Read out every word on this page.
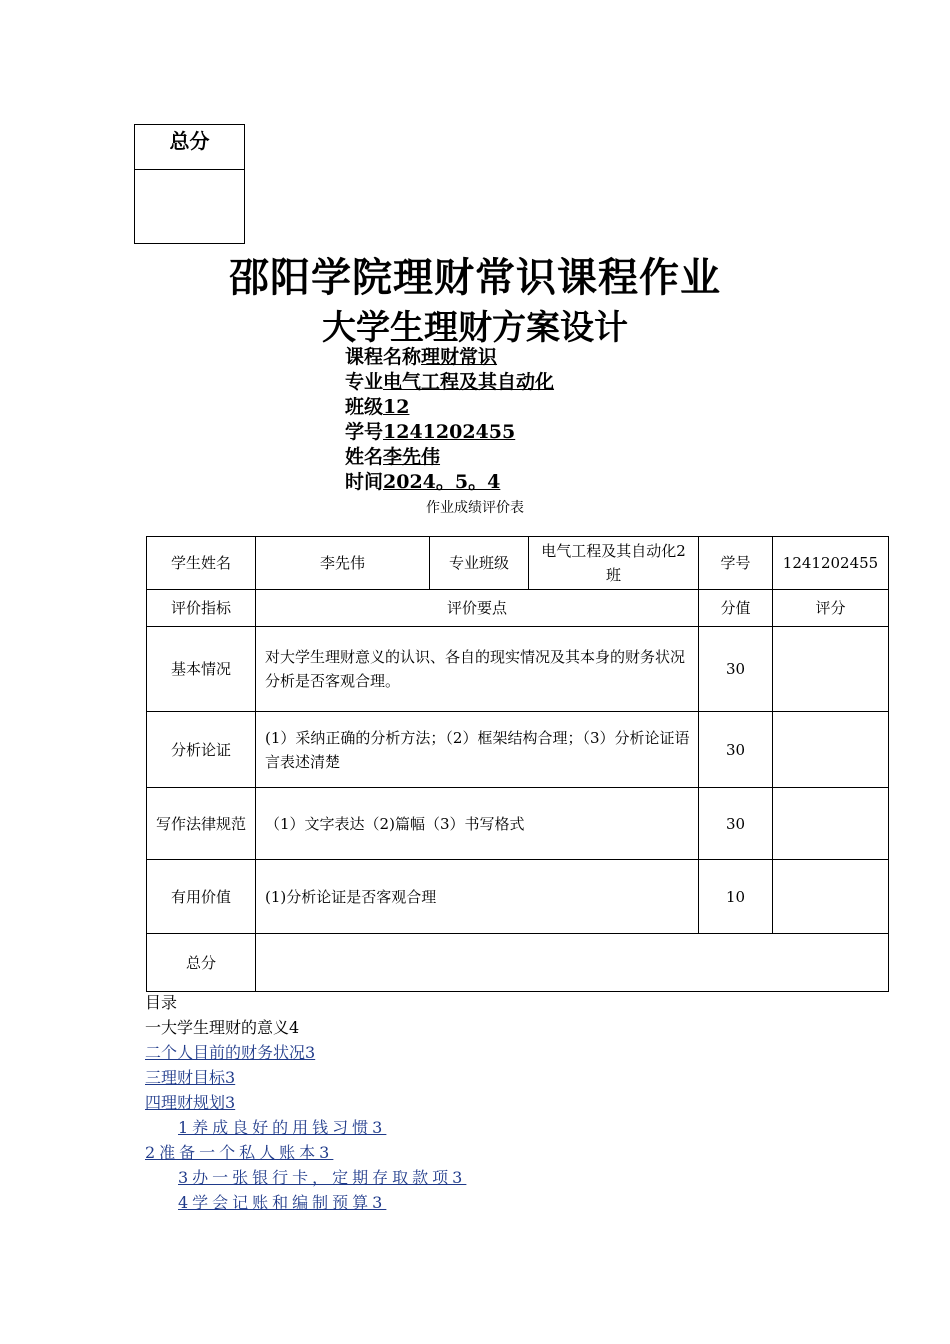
总分
邵阳学院理财常识课程作业
大学生理财方案设计
课程名称理财常识
专业电气工程及其自动化
班级12
学号1241202455
姓名李先伟
时间2024。5。4
作业成绩评价表
学生姓名	李先伟	专业班级	电气工程及其自动化2班	学号	1241202455
评价指标	评价要点			分值	评分
基本情况	对大学生理财意义的认识、各自的现实情况及其本身的财务状况分析是否客观合理。			30	
分析论证	(1）采纳正确的分析方法；（2）框架结构合理；（3）分析论证语言表述清楚			30	
写作法律规范	（1）文字表达（2)篇幅（3）书写格式			30	
有用价值	(1)分析论证是否客观合理			10	
总分					
目录
一大学生理财的意义4
二个人目前的财务状况3
三理财目标3
四理财规划3
1养成良好的用钱习惯3
2准备一个私人账本3
3办一张银行卡，定期存取款项3
4学会记账和编制预算3
